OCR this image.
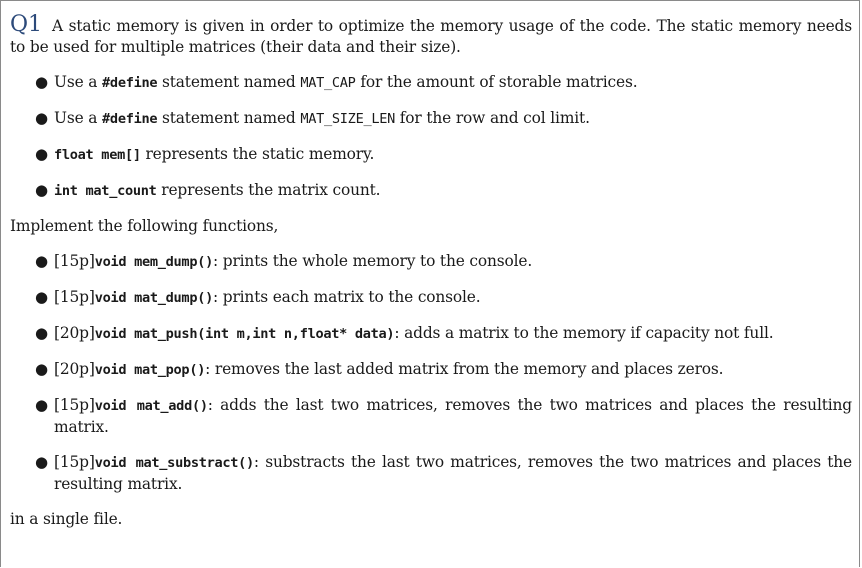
Q1 A static memory is given in order to optimize the memory usage of the code. The static memory needs to be used for multiple matrices (their data and their size).
● Use a #define statement named MAT_CAP for the amount of storable matrices.
● Use a #define statement named MAT_SIZE_LEN for the row and col limit.
● float mem[] represents the static memory.
● int mat_count represents the matrix count.
Implement the following functions,
● [15p]void mem_dump(): prints the whole memory to the console.
● [15p]void mat_dump(): prints each matrix to the console.
● [20p]void mat_push(int m,int n,float* data): adds a matrix to the memory if capacity not full.
● [20p]void mat_pop(): removes the last added matrix from the memory and places zeros.
● [15p]void mat_add(): adds the last two matrices, removes the two matrices and places the resulting matrix.
● [15p]void mat_substract(): substracts the last two matrices, removes the two matrices and places the resulting matrix.
in a single file.
